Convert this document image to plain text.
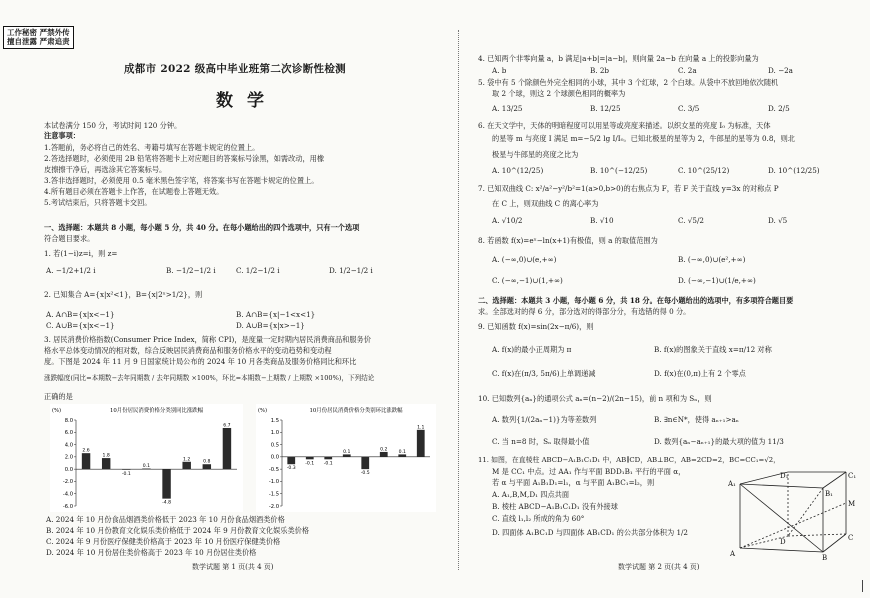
工作秘密 严禁外传
擅自泄露 严肃追责
成都市 2022 级高中毕业班第二次诊断性检测
数学
本试卷满分 150 分，考试时间 120 分钟。
注意事项：
1.答题前，务必将自己的姓名、考籍号填写在答题卡规定的位置上。
2.答选择题时，必须使用 2B 铅笔将答题卡上对应题目的答案标号涂黑，如需改动，用橡
皮擦擦干净后，再选涂其它答案标号。
3.答非选择题时，必须使用 0.5 毫米黑色签字笔，将答案书写在答题卡规定的位置上。
4.所有题目必须在答题卡上作答，在试题卷上答题无效。
5.考试结束后，只将答题卡交回。
一、选择题：本题共 8 小题，每小题 5 分，共 40 分。在每小题给出的四个选项中，只有一个选项
符合题目要求。
1. 若(1−i)z=i，则 z=
A. −1/2+1/2 i	B. −1/2−1/2 i	C. 1/2−1/2 i	D. 1/2−1/2 i
2. 已知集合 A={x|x²<1}，B={x|2ˣ>1/2}，则
A. A∩B={x|x<−1}	B. A∩B={x|−1<x<1}
C. A∪B={x|x<−1}	D. A∪B={x|x>−1}
3. 居民消费价格指数(Consumer Price Index，简称 CPI)，是度量一定时期内居民消费商品和服务价
格水平总体变动情况的相对数，综合反映居民消费商品和服务价格水平的变动趋势和变动程
度。下图是 2024 年 11 月 9 日国家统计局公布的 2024 年 10 月各类商品及服务价格同比和环比
涨跌幅度(同比=本期数−去年同期数 / 去年同期数 ×100%，环比=本期数−上期数 / 上期数 ×100%)，下列结论
正确的是
10月份居民消费价格分类别同比涨跌幅
(%)
8.0
6.0
4.0
2.0
0.0
-2.0
-4.0
-6.0
2.6
1.8
-0.1
0.1
-4.8
1.2	0.8
6.7
10月份居民消费价格分类别环比涨跌幅
(%)
1.5
1.0
0.5
0.0
-0.5
-1.0
-1.5
-2.0
-0.3
-0.1 -0.1
0.1
-0.5
0.2 0.1
1.1
A. 2024 年 10 月份食品烟酒类价格低于 2023 年 10 月份食品烟酒类价格
B. 2024 年 10 月份教育文化娱乐类价格低于 2024 年 9 月份教育文化娱乐类价格
C. 2024 年 9 月份医疗保健类价格高于 2023 年 10 月份医疗保健类价格
D. 2024 年 10 月份居住类价格高于 2023 年 10 月份居住类价格
数学试题 第 1 页(共 4 页)
4. 已知两个非零向量 a，b 满足|a+b|=|a−b|，则向量 2a−b 在向量 a 上的投影向量为
A. b	B. 2b	C. 2a	D. −2a
5. 袋中有 5 个除颜色外完全相同的小球，其中 3 个红球，2 个白球。从袋中不放回地依次随机
取 2 个球，则这 2 个球颜色相同的概率为
A. 13/25	B. 12/25	C. 3/5	D. 2/5
6. 在天文学中，天体的明暗程度可以用星等或亮度来描述。以织女星的亮度 I₀ 为标准，天体
的星等 m 与亮度 I 满足 m=−5/2 lg I/I₀。已知北极星的星等为 2，牛郎星的星等为 0.8，则北
极星与牛郎星的亮度之比为
A. 10^(12/25)	B. 10^(−12/25)	C. 10^(25/12)	D. 10^(12/25)
7. 已知双曲线 C: x²/a²−y²/b²=1(a>0,b>0)的右焦点为 F，若 F 关于直线 y=3x 的对称点 P
在 C 上，则双曲线 C 的离心率为
A. √10/2	B. √10	C. √5/2	D. √5
8. 若函数 f(x)=eˣ−ln(x+1)有极值，则 a 的取值范围为
A. (−∞,0)∪(e,+∞)	B. (−∞,0)∪(e²,+∞)
C. (−∞,−1)∪(1,+∞)	D. (−∞,−1)∪(1/e,+∞)
二、选择题：本题共 3 小题，每小题 6 分，共 18 分。在每小题给出的选项中，有多项符合题目要
求。全部选对的得 6 分，部分选对的得部分分，有选错的得 0 分。
9. 已知函数 f(x)=sin(2x−π/6)，则
A. f(x)的最小正周期为 π	B. f(x)的图象关于直线 x=π/12 对称
C. f(x)在(π/3, 5π/6)上单调递减	D. f(x)在(0,π)上有 2 个零点
10. 已知数列{aₙ}的通项公式 aₙ=(n−2)/(2n−15)，前 n 项和为 Sₙ，则
A. 数列{1/(2aₙ−1)}为等差数列	B. ∃n∈N*，使得 aₙ₊₁>aₙ
C. 当 n=8 时，Sₙ 取得最小值	D. 数列{aₙ−aₙ₊₁}的最大项的值为 11/3
11. 如图，在直棱柱 ABCD−A₁B₁C₁D₁ 中，AB∥CD，AB⊥BC，AB=2CD=2，BC=CC₁=√2，
M 是 CC₁ 中点。过 AA₁ 作与平面 BDD₁B₁ 平行的平面 α，
若 α 与平面 A₁B₁D₁=l₁，α 与平面 A₁BC₁=l₂，则
A. A₁,B,M,D₁ 四点共面
B. 棱柱 ABCD−A₁B₁C₁D₁ 没有外接球
C. 直线 l₁,l₂ 所成的角为 60°
D. 四面体 A₁BC₁D 与四面体 AB₁CD₁ 的公共部分体积为 1/2
A₁
D₁	C₁
B₁
M
A
D	C
B
数学试题 第 2 页(共 4 页)
